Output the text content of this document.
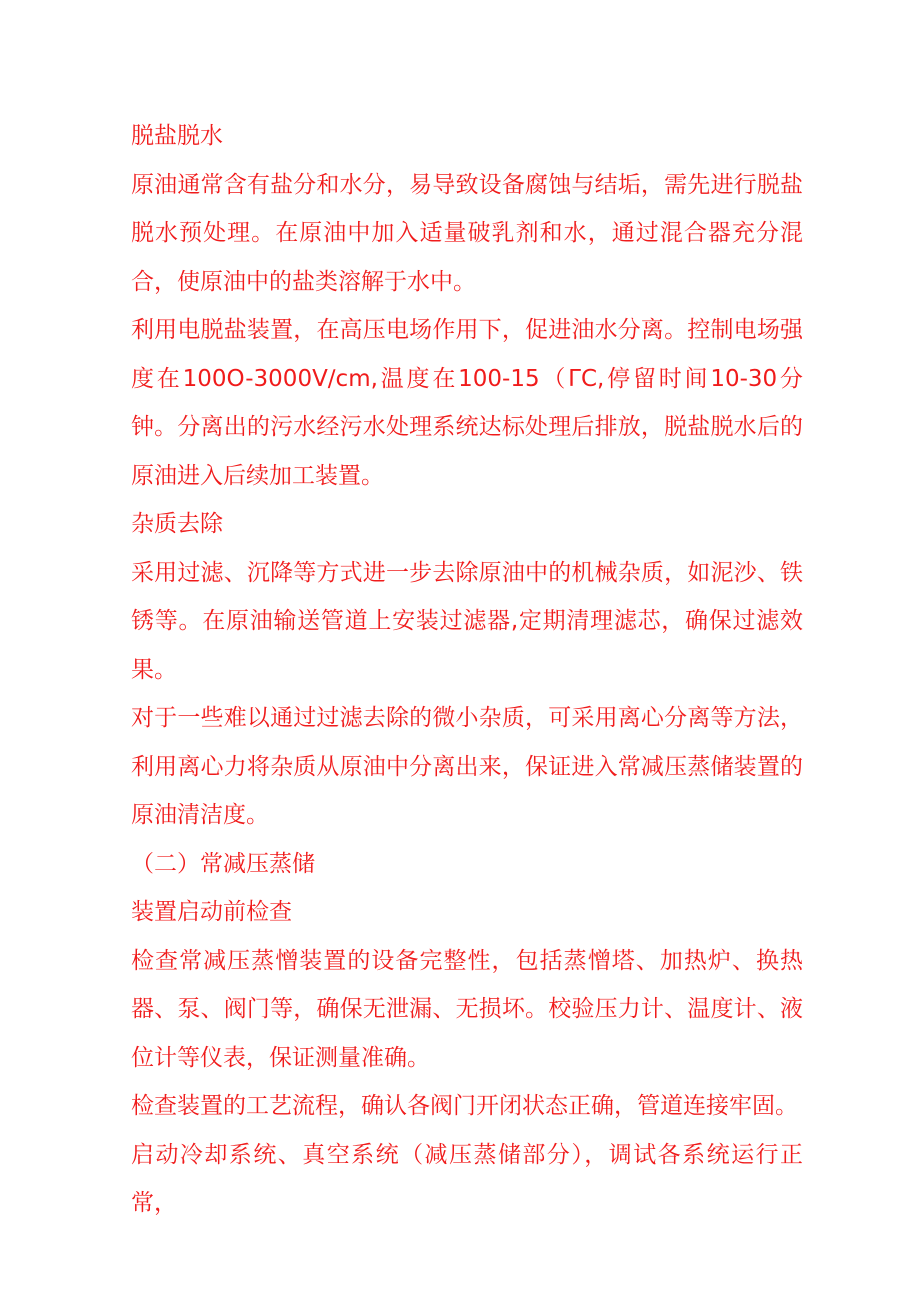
脱盐脱水

原油通常含有盐分和水分，易导致设备腐蚀与结垢，需先进行脱盐脱水预处理。在原油中加入适量破乳剂和水，通过混合器充分混合，使原油中的盐类溶解于水中。

利用电脱盐装置，在高压电场作用下，促进油水分离。控制电场强度在100O-3000V∕cm,温度在100-15（ΓC,停留时间10-30分钟。分离出的污水经污水处理系统达标处理后排放，脱盐脱水后的原油进入后续加工装置。

杂质去除

采用过滤、沉降等方式进一步去除原油中的机械杂质，如泥沙、铁锈等。在原油输送管道上安装过滤器,定期清理滤芯，确保过滤效果。

对于一些难以通过过滤去除的微小杂质，可采用离心分离等方法，利用离心力将杂质从原油中分离出来，保证进入常减压蒸储装置的原油清洁度。

（二）常减压蒸储

装置启动前检查

检查常减压蒸憎装置的设备完整性，包括蒸憎塔、加热炉、换热器、泵、阀门等，确保无泄漏、无损坏。校验压力计、温度计、液位计等仪表，保证测量准确。

检查装置的工艺流程，确认各阀门开闭状态正确，管道连接牢固。

启动冷却系统、真空系统（减压蒸储部分），调试各系统运行正常，
